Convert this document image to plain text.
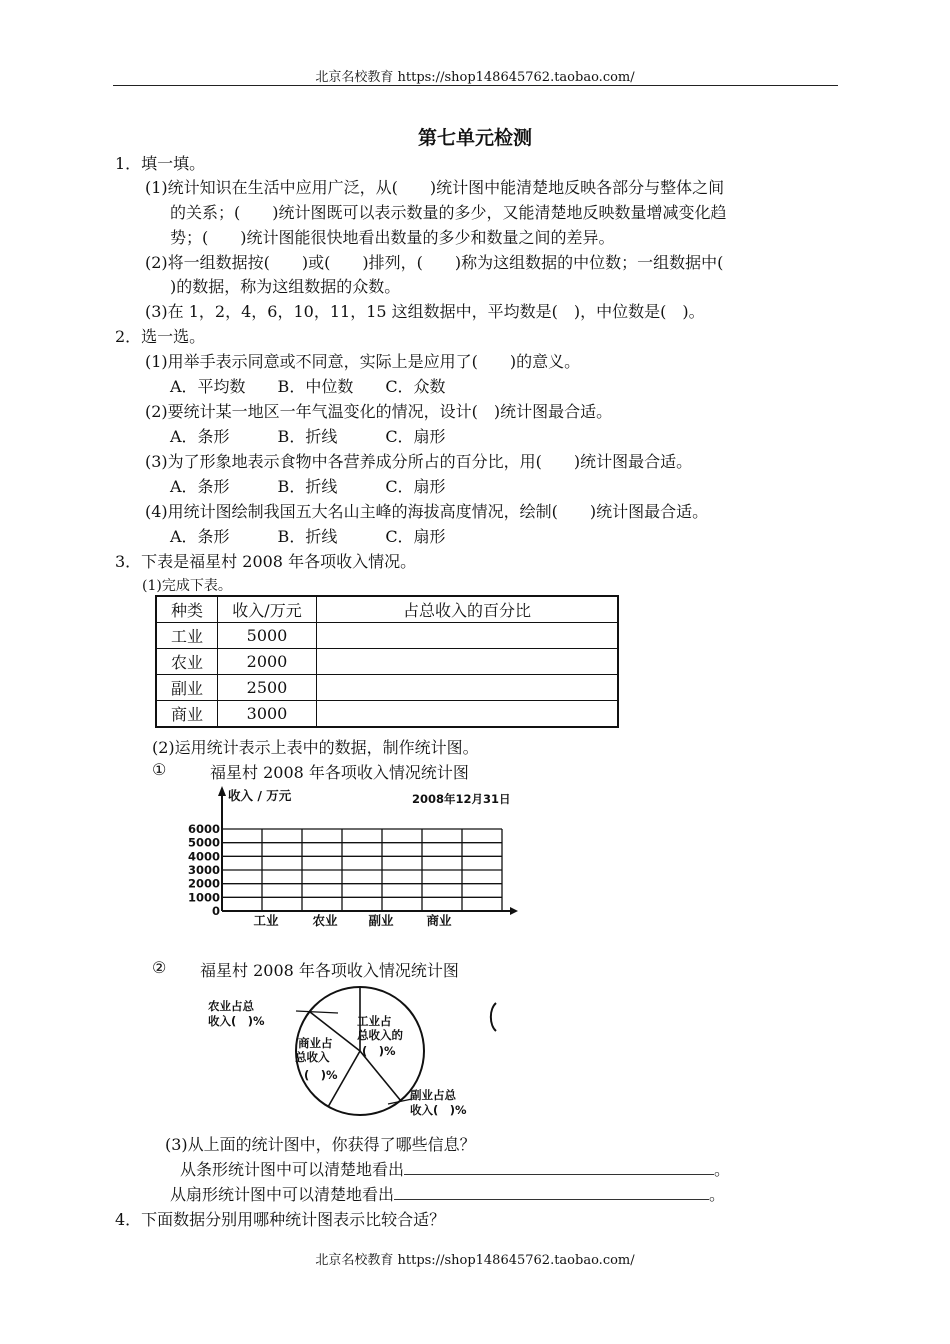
北京名校教育 https://shop148645762.taobao.com/
第七单元检测
1．填一填。
(1)统计知识在生活中应用广泛，从(　　)统计图中能清楚地反映各部分与整体之间
的关系；(　　)统计图既可以表示数量的多少，又能清楚地反映数量增减变化趋
势；(　　)统计图能很快地看出数量的多少和数量之间的差异。
(2)将一组数据按(　　)或(　　)排列，(　　)称为这组数据的中位数；一组数据中(
)的数据，称为这组数据的众数。
(3)在 1，2，4，6，10，11，15 这组数据中，平均数是(　)，中位数是(　)。
2．选一选。
(1)用举手表示同意或不同意，实际上是应用了(　　)的意义。
A．平均数　　B．中位数　　C．众数
(2)要统计某一地区一年气温变化的情况，设计(　)统计图最合适。
A．条形　　　B．折线　　　C．扇形
(3)为了形象地表示食物中各营养成分所占的百分比，用(　　)统计图最合适。
A．条形　　　B．折线　　　C．扇形
(4)用统计图绘制我国五大名山主峰的海拔高度情况，绘制(　　)统计图最合适。
A．条形　　　B．折线　　　C．扇形
3．下表是福星村 2008 年各项收入情况。
(1)完成下表。
种类	收入/万元	占总收入的百分比
工业	5000	
农业	2000	
副业	2500	
商业	3000	
(2)运用统计表示上表中的数据，制作统计图。
①	福星村 2008 年各项收入情况统计图
6000
5000
4000
3000
2000
1000
0
工业	农业 副业	商业
收入 / 万元	2008年12月31日
② 福星村 2008 年各项收入情况统计图
农业占总
收入(　)%	工业占
总收入的
(　)%
商业占
总收入
(　)%
副业占总
收入(　)%
(3)从上面的统计图中，你获得了哪些信息？
从条形统计图中可以清楚地看出	。
从扇形统计图中可以清楚地看出	。
4．下面数据分别用哪种统计图表示比较合适？
北京名校教育 https://shop148645762.taobao.com/
